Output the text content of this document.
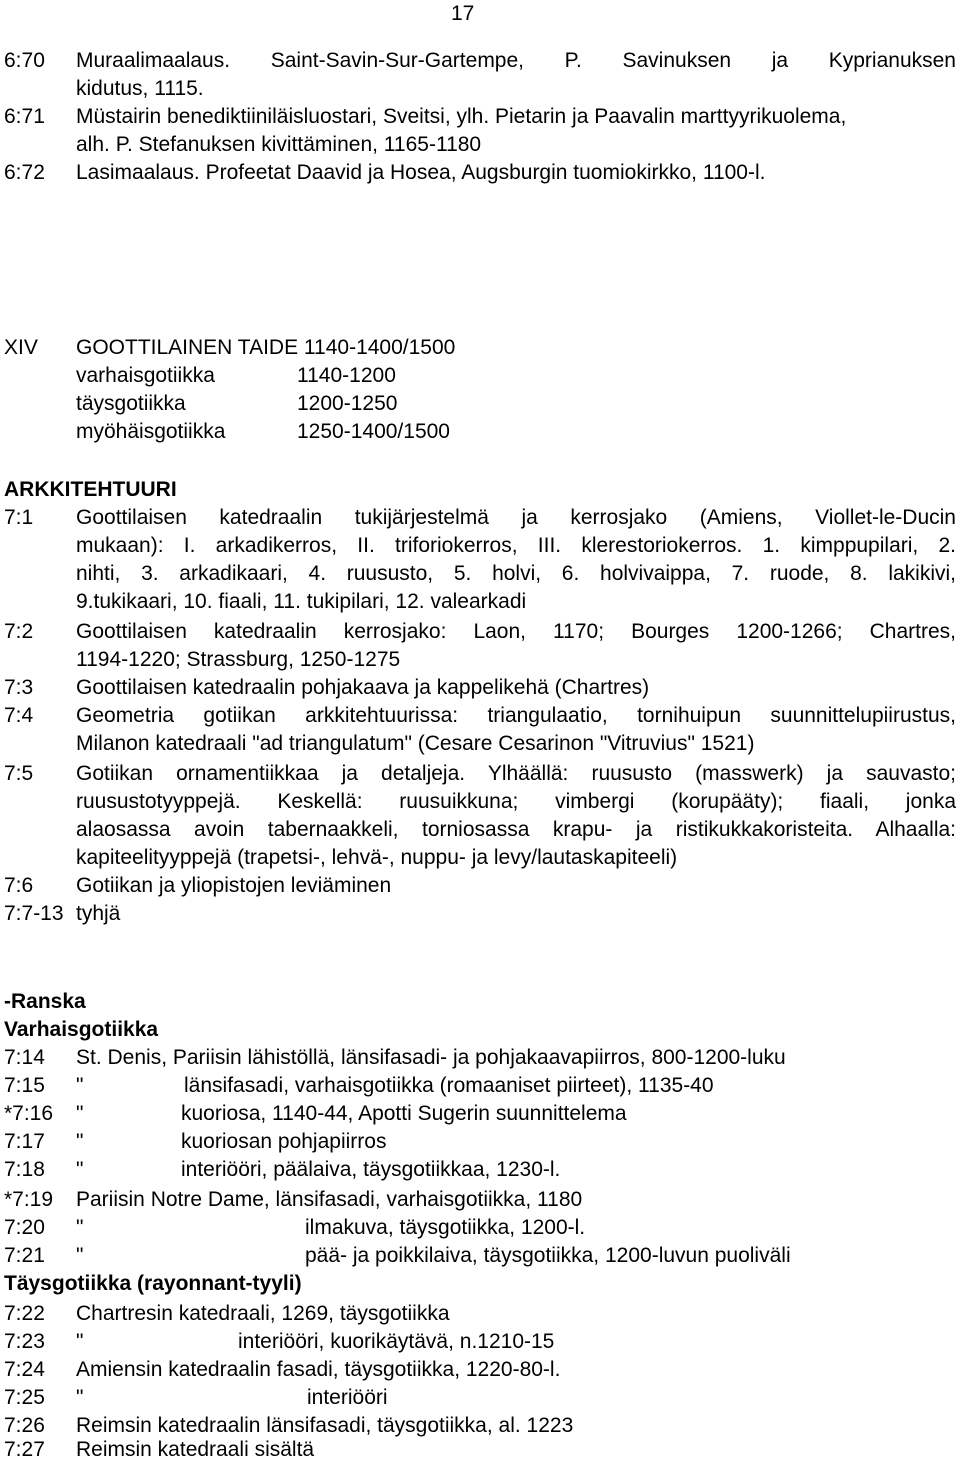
17
6:70 Muraalimaalaus. Saint-Savin-Sur-Gartempe, P. Savinuksen ja Kyprianuksen
kidutus, 1115.
6:71 Müstairin benediktiiniläisluostari, Sveitsi, ylh. Pietarin ja Paavalin marttyyrikuolema,
alh. P. Stefanuksen kivittäminen, 1165-1180
6:72 Lasimaalaus. Profeetat Daavid ja Hosea, Augsburgin tuomiokirkko, 1100-l.
XIV GOOTTILAINEN TAIDE 1140-1400/1500
varhaisgotiikka	1140-1200
täysgotiikka	1200-1250
myöhäisgotiikka	1250-1400/1500
ARKKITEHTUURI
7:1 Goottilaisen katedraalin tukijärjestelmä ja kerrosjako (Amiens, Viollet-le-Ducin
mukaan): I. arkadikerros, II. triforiokerros, III. klerestoriokerros. 1. kimppupilari, 2.
nihti, 3. arkadikaari, 4. ruususto, 5. holvi, 6. holvivaippa, 7. ruode, 8. lakikivi,
9.tukikaari, 10. fiaali, 11. tukipilari, 12. valearkadi
7:2 Goottilaisen katedraalin kerrosjako: Laon, 1170; Bourges 1200-1266; Chartres,
1194-1220; Strassburg, 1250-1275
7:3 Goottilaisen katedraalin pohjakaava ja kappelikehä (Chartres)
7:4 Geometria gotiikan arkkitehtuurissa: triangulaatio, tornihuipun suunnittelupiirustus,
Milanon katedraali "ad triangulatum" (Cesare Cesarinon "Vitruvius" 1521)
7:5 Gotiikan ornamentiikkaa ja detaljeja. Ylhäällä: ruususto (masswerk) ja sauvasto;
ruusustotyyppejä. Keskellä: ruusuikkuna; vimbergi (korupääty); fiaali, jonka
alaosassa avoin tabernaakkeli, torniosassa krapu- ja ristikukkakoristeita. Alhaalla:
kapiteelityyppejä (trapetsi-, lehvä-, nuppu- ja levy/lautaskapiteeli)
7:6 Gotiikan ja yliopistojen leviäminen
7:7-13 tyhjä
-Ranska
Varhaisgotiikka
7:14 St. Denis, Pariisin lähistöllä, länsifasadi- ja pohjakaavapiirros, 800-1200-luku
7:15 "	länsifasadi, varhaisgotiikka (romaaniset piirteet), 1135-40
*7:16 "	kuoriosa, 1140-44, Apotti Sugerin suunnittelema
7:17 "	kuoriosan pohjapiirros
7:18 "	interiööri, päälaiva, täysgotiikkaa, 1230-l.
*7:19 Pariisin Notre Dame, länsifasadi, varhaisgotiikka, 1180
7:20 "	ilmakuva, täysgotiikka, 1200-l.
7:21 "	pää- ja poikkilaiva, täysgotiikka, 1200-luvun puoliväli
Täysgotiikka (rayonnant-tyyli)
7:22 Chartresin katedraali, 1269, täysgotiikka
7:23 "	interiööri, kuorikäytävä, n.1210-15
7:24 Amiensin katedraalin fasadi, täysgotiikka, 1220-80-l.
7:25 "	interiööri
7:26 Reimsin katedraalin länsifasadi, täysgotiikka, al. 1223
7:27 Reimsin katedraali sisältä
